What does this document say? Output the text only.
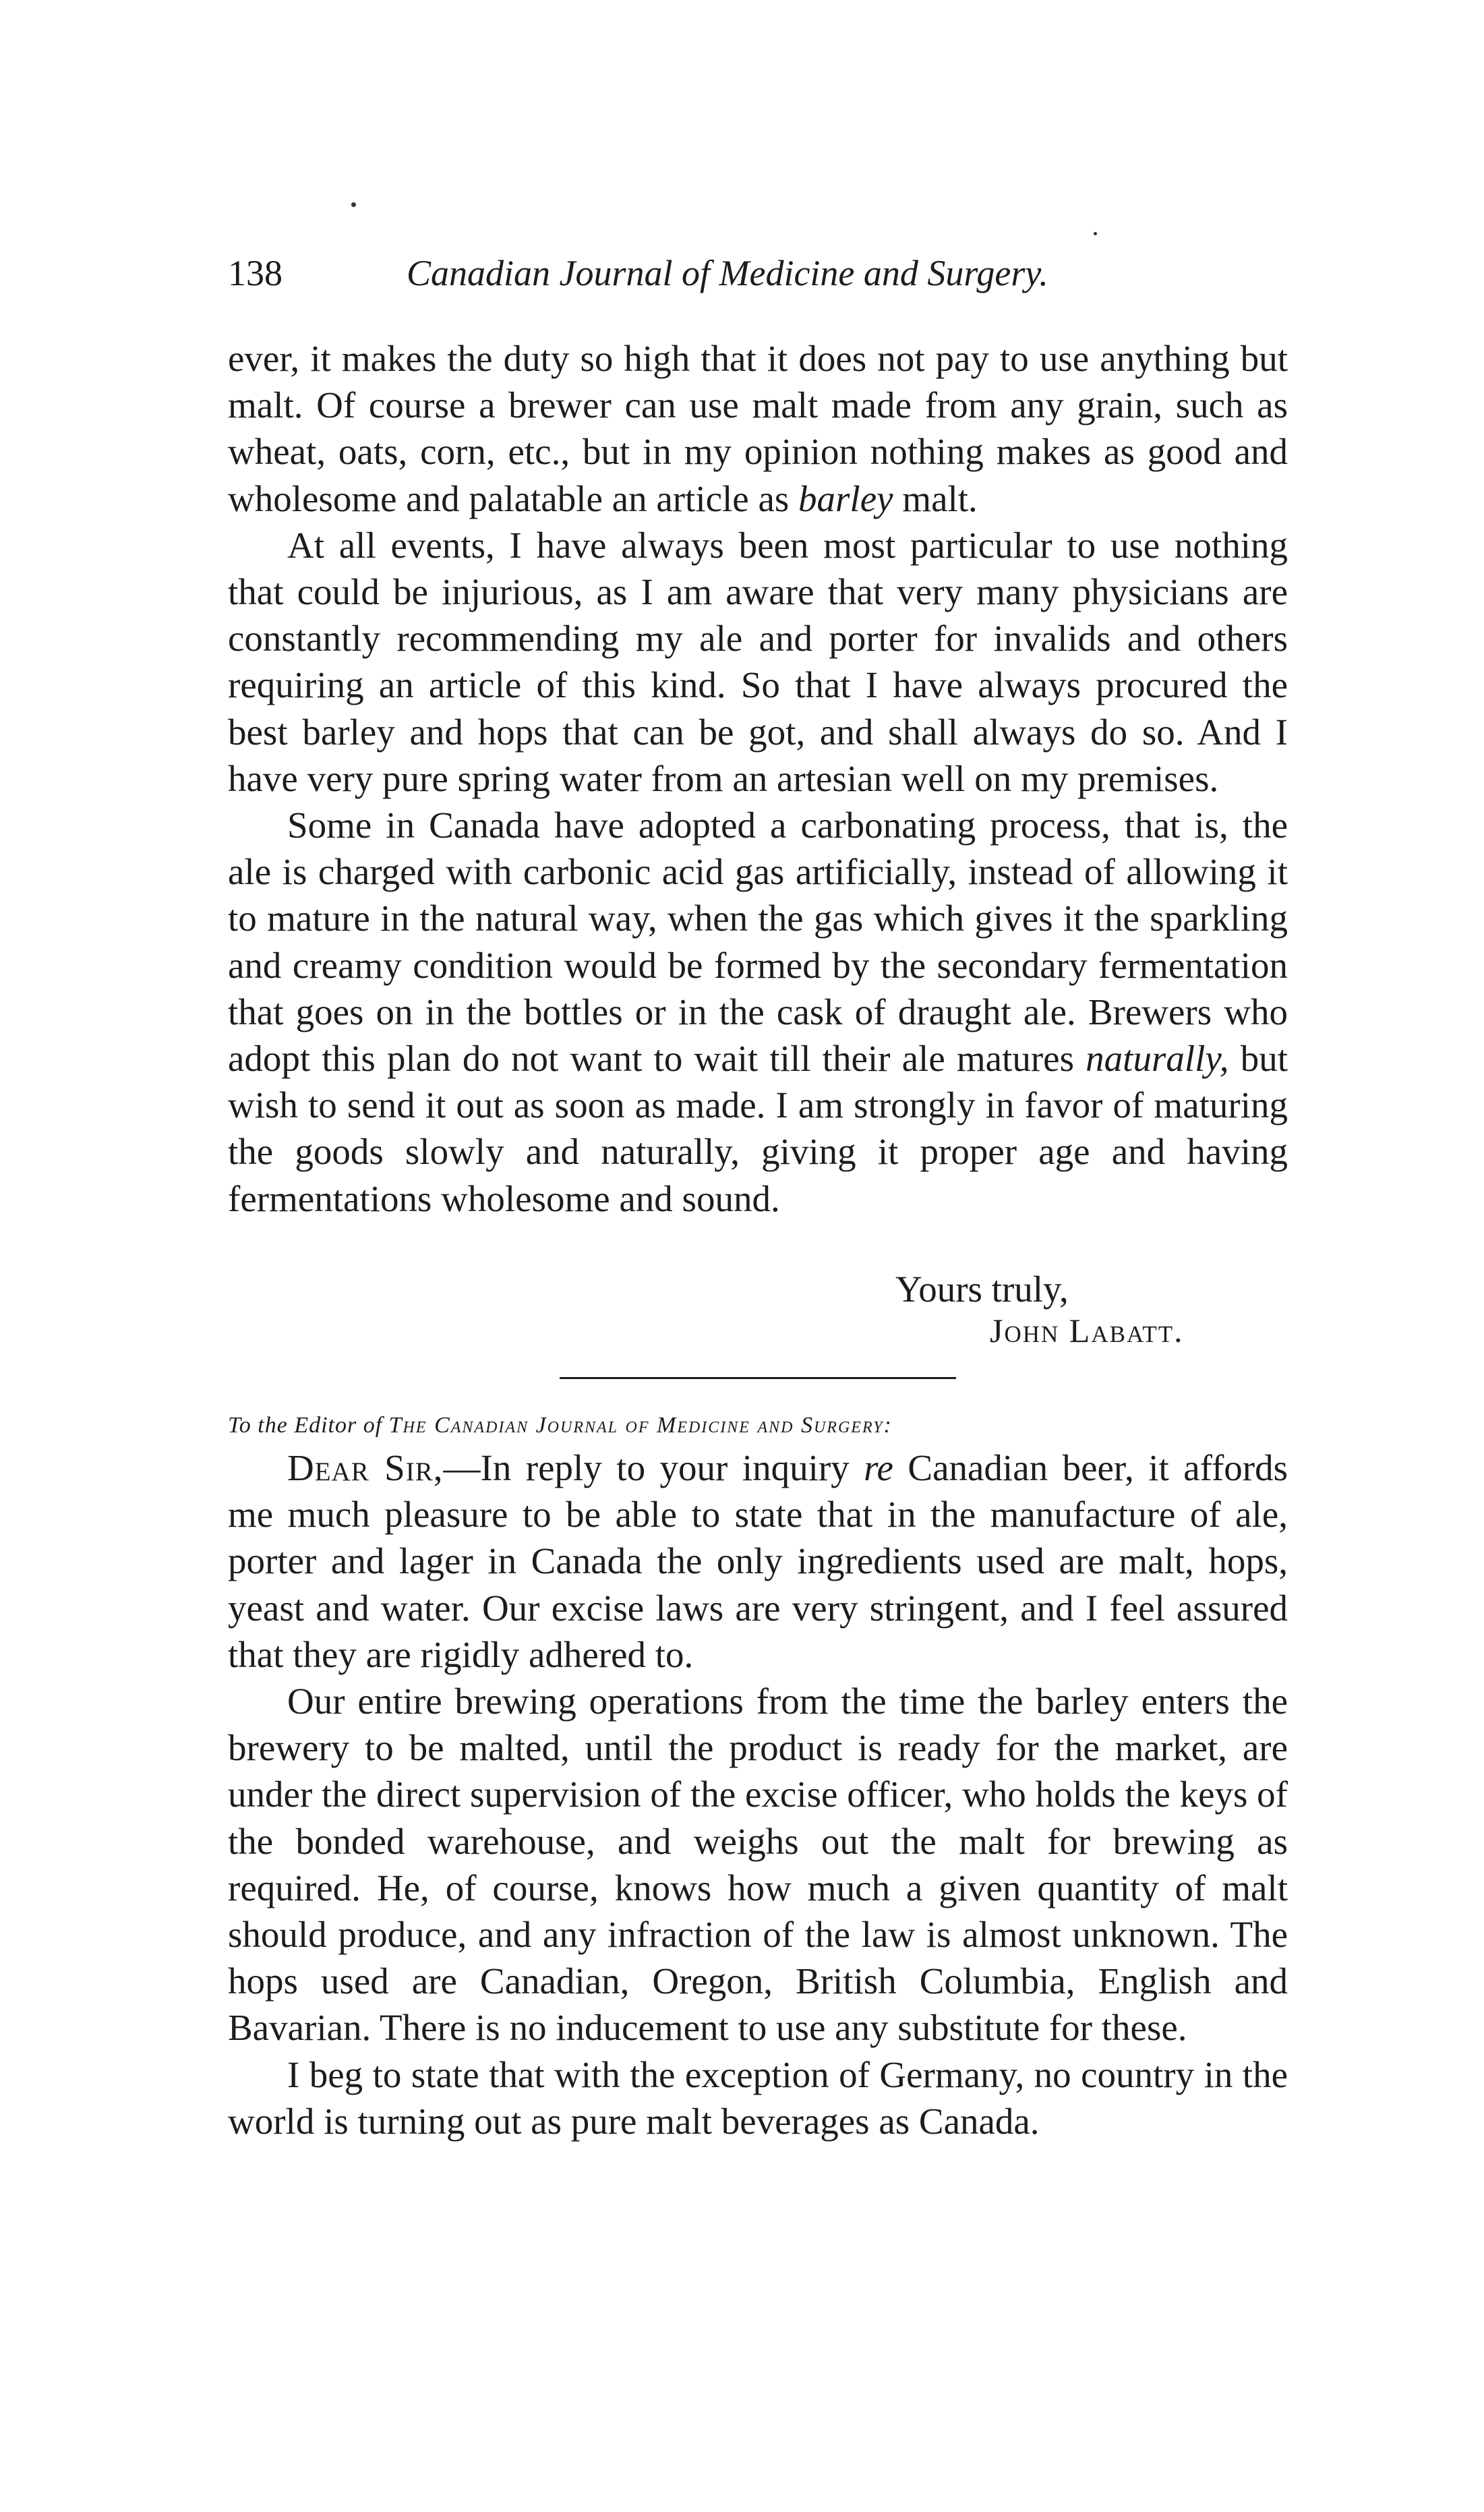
138	Canadian Journal of Medicine and Surgery.

ever, it makes the duty so high that it does not pay to use anything but malt. Of course a brewer can use malt made from any grain, such as wheat, oats, corn, etc., but in my opinion nothing makes as good and wholesome and palatable an article as barley malt.

At all events, I have always been most particular to use nothing that could be injurious, as I am aware that very many physicians are constantly recommending my ale and porter for invalids and others requiring an article of this kind. So that I have always procured the best barley and hops that can be got, and shall always do so. And I have very pure spring water from an artesian well on my premises.

Some in Canada have adopted a carbonating process, that is, the ale is charged with carbonic acid gas artificially, instead of allowing it to mature in the natural way, when the gas which gives it the sparkling and creamy condition would be formed by the secondary fermentation that goes on in the bottles or in the cask of draught ale. Brewers who adopt this plan do not want to wait till their ale matures naturally, but wish to send it out as soon as made. I am strongly in favor of maturing the goods slowly and naturally, giving it proper age and having fermentations wholesome and sound.

Yours truly,
John Labatt.
To the Editor of The Canadian Journal of Medicine and Surgery:

Dear Sir,—In reply to your inquiry re Canadian beer, it affords me much pleasure to be able to state that in the manufacture of ale, porter and lager in Canada the only ingredients used are malt, hops, yeast and water. Our excise laws are very stringent, and I feel assured that they are rigidly adhered to.

Our entire brewing operations from the time the barley enters the brewery to be malted, until the product is ready for the market, are under the direct supervision of the excise officer, who holds the keys of the bonded warehouse, and weighs out the malt for brewing as required. He, of course, knows how much a given quantity of malt should produce, and any infraction of the law is almost unknown. The hops used are Canadian, Oregon, British Columbia, English and Bavarian. There is no inducement to use any substitute for these.

I beg to state that with the exception of Germany, no country in the world is turning out as pure malt beverages as Canada.
